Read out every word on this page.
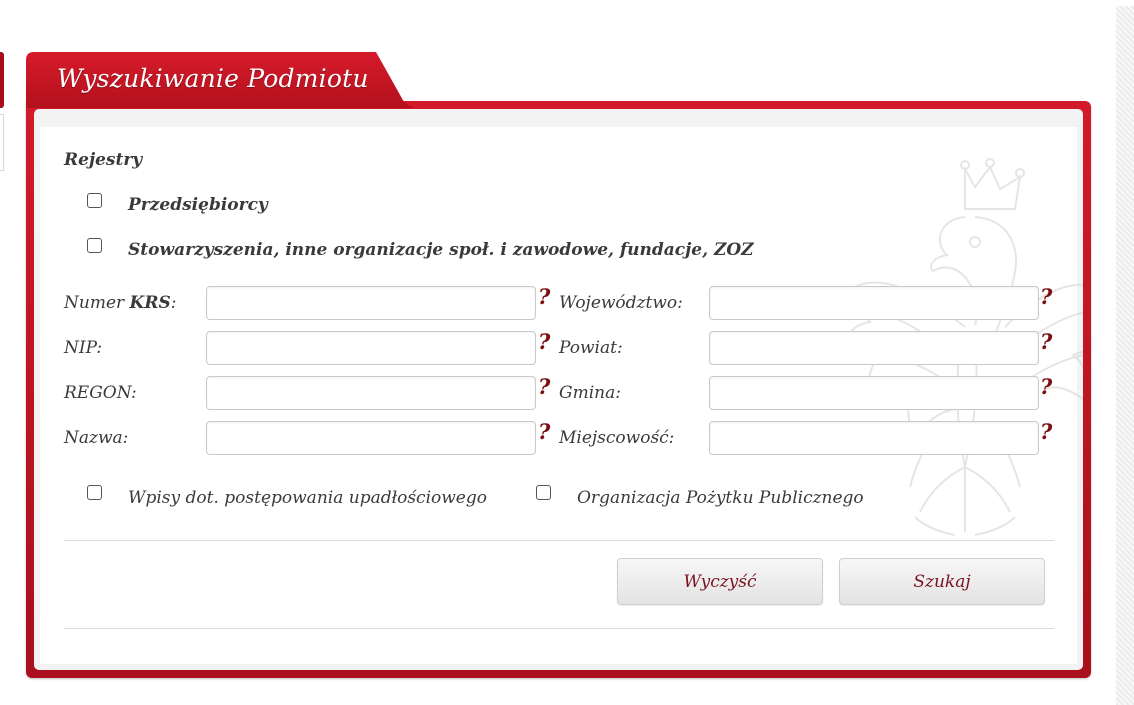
Wyszukiwanie Podmiotu
Rejestry
Przedsiębiorcy
Stowarzyszenia, inne organizacje społ. i zawodowe, fundacje, ZOZ
Numer KRS:	?
NIP:	?
REGON:	?
Nazwa:	?
Województwo:	?
Powiat:	?
Gmina:	?
Miejscowość:	?
Wpisy dot. postępowania upadłościowego	Organizacja Pożytku Publicznego
Wyczyść	Szukaj
